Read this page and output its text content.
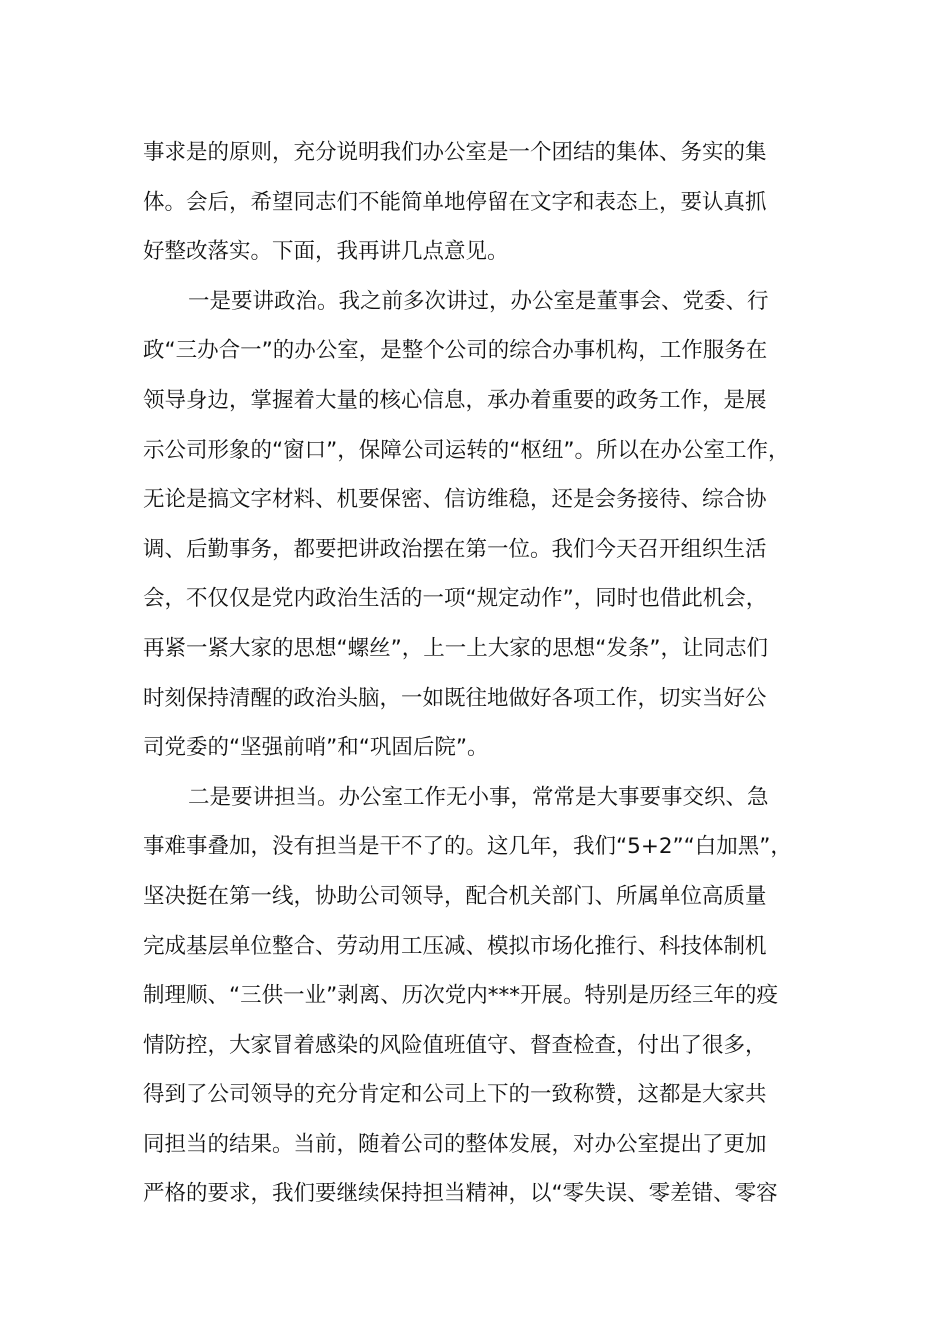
事求是的原则，充分说明我们办公室是一个团结的集体、务实的集
体。会后，希望同志们不能简单地停留在文字和表态上，要认真抓
好整改落实。下面，我再讲几点意见。
一是要讲政治。我之前多次讲过，办公室是董事会、党委、行
政“三办合一”的办公室，是整个公司的综合办事机构，工作服务在
领导身边，掌握着大量的核心信息，承办着重要的政务工作，是展
示公司形象的“窗口”，保障公司运转的“枢纽”。所以在办公室工作，
无论是搞文字材料、机要保密、信访维稳，还是会务接待、综合协
调、后勤事务，都要把讲政治摆在第一位。我们今天召开组织生活
会，不仅仅是党内政治生活的一项“规定动作”，同时也借此机会，
再紧一紧大家的思想“螺丝”，上一上大家的思想“发条”，让同志们
时刻保持清醒的政治头脑，一如既往地做好各项工作，切实当好公
司党委的“坚强前哨”和“巩固后院”。
二是要讲担当。办公室工作无小事，常常是大事要事交织、急
事难事叠加，没有担当是干不了的。这几年，我们“5+2”“白加黑”，
坚决挺在第一线，协助公司领导，配合机关部门、所属单位高质量
完成基层单位整合、劳动用工压减、模拟市场化推行、科技体制机
制理顺、“三供一业”剥离、历次党内***开展。特别是历经三年的疫
情防控，大家冒着感染的风险值班值守、督查检查，付出了很多，
得到了公司领导的充分肯定和公司上下的一致称赞，这都是大家共
同担当的结果。当前，随着公司的整体发展，对办公室提出了更加
严格的要求，我们要继续保持担当精神，以“零失误、零差错、零容
